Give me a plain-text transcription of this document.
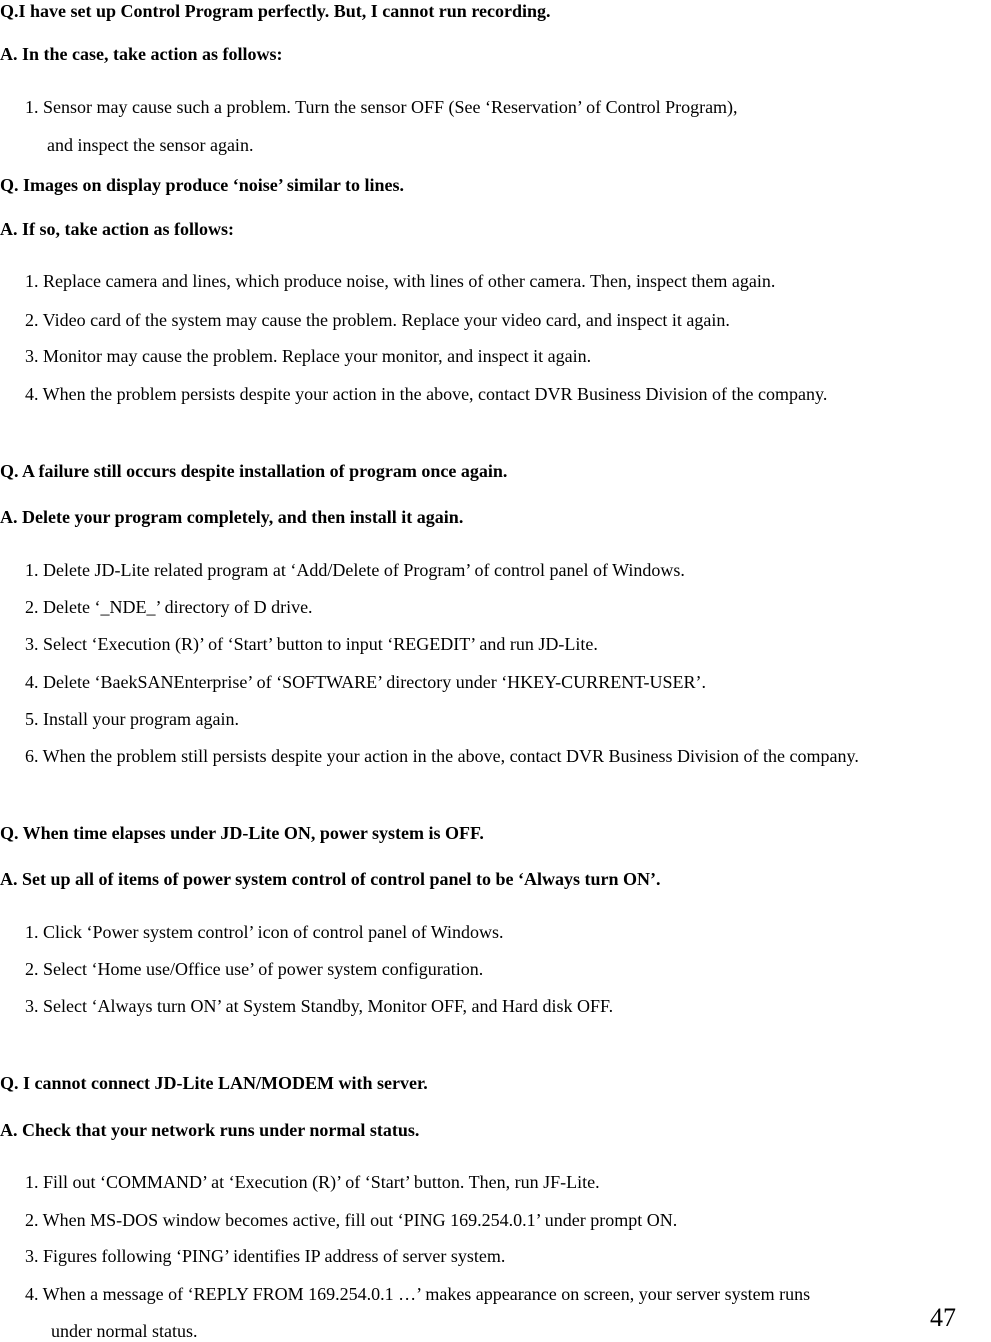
Q.I have set up Control Program perfectly. But, I cannot run recording.
A. In the case, take action as follows:
1. Sensor may cause such a problem. Turn the sensor OFF (See ‘Reservation’ of Control Program),
and inspect the sensor again.
Q. Images on display produce ‘noise’ similar to lines.
A. If so, take action as follows:
1. Replace camera and lines, which produce noise, with lines of other camera. Then, inspect them again.
2. Video card of the system may cause the problem. Replace your video card, and inspect it again.
3. Monitor may cause the problem. Replace your monitor, and inspect it again.
4. When the problem persists despite your action in the above, contact DVR Business Division of the company.
Q. A failure still occurs despite installation of program once again.
A. Delete your program completely, and then install it again.
1. Delete JD-Lite related program at ‘Add/Delete of Program’ of control panel of Windows.
2. Delete ‘_NDE_’ directory of D drive.
3. Select ‘Execution (R)’ of ‘Start’ button to input ‘REGEDIT’ and run JD-Lite.
4. Delete ‘BaekSANEnterprise’ of ‘SOFTWARE’ directory under ‘HKEY-CURRENT-USER’.
5. Install your program again.
6. When the problem still persists despite your action in the above, contact DVR Business Division of the company.
Q. When time elapses under JD-Lite ON, power system is OFF.
A. Set up all of items of power system control of control panel to be ‘Always turn ON’.
1. Click ‘Power system control’ icon of control panel of Windows.
2. Select ‘Home use/Office use’ of power system configuration.
3. Select ‘Always turn ON’ at System Standby, Monitor OFF, and Hard disk OFF.
Q. I cannot connect JD-Lite LAN/MODEM with server.
A. Check that your network runs under normal status.
1. Fill out ‘COMMAND’ at ‘Execution (R)’ of ‘Start’ button. Then, run JF-Lite.
2. When MS-DOS window becomes active, fill out ‘PING 169.254.0.1’ under prompt ON.
3. Figures following ‘PING’ identifies IP address of server system.
4. When a message of ‘REPLY FROM 169.254.0.1 …’ makes appearance on screen, your server system runs
under normal status.	47
